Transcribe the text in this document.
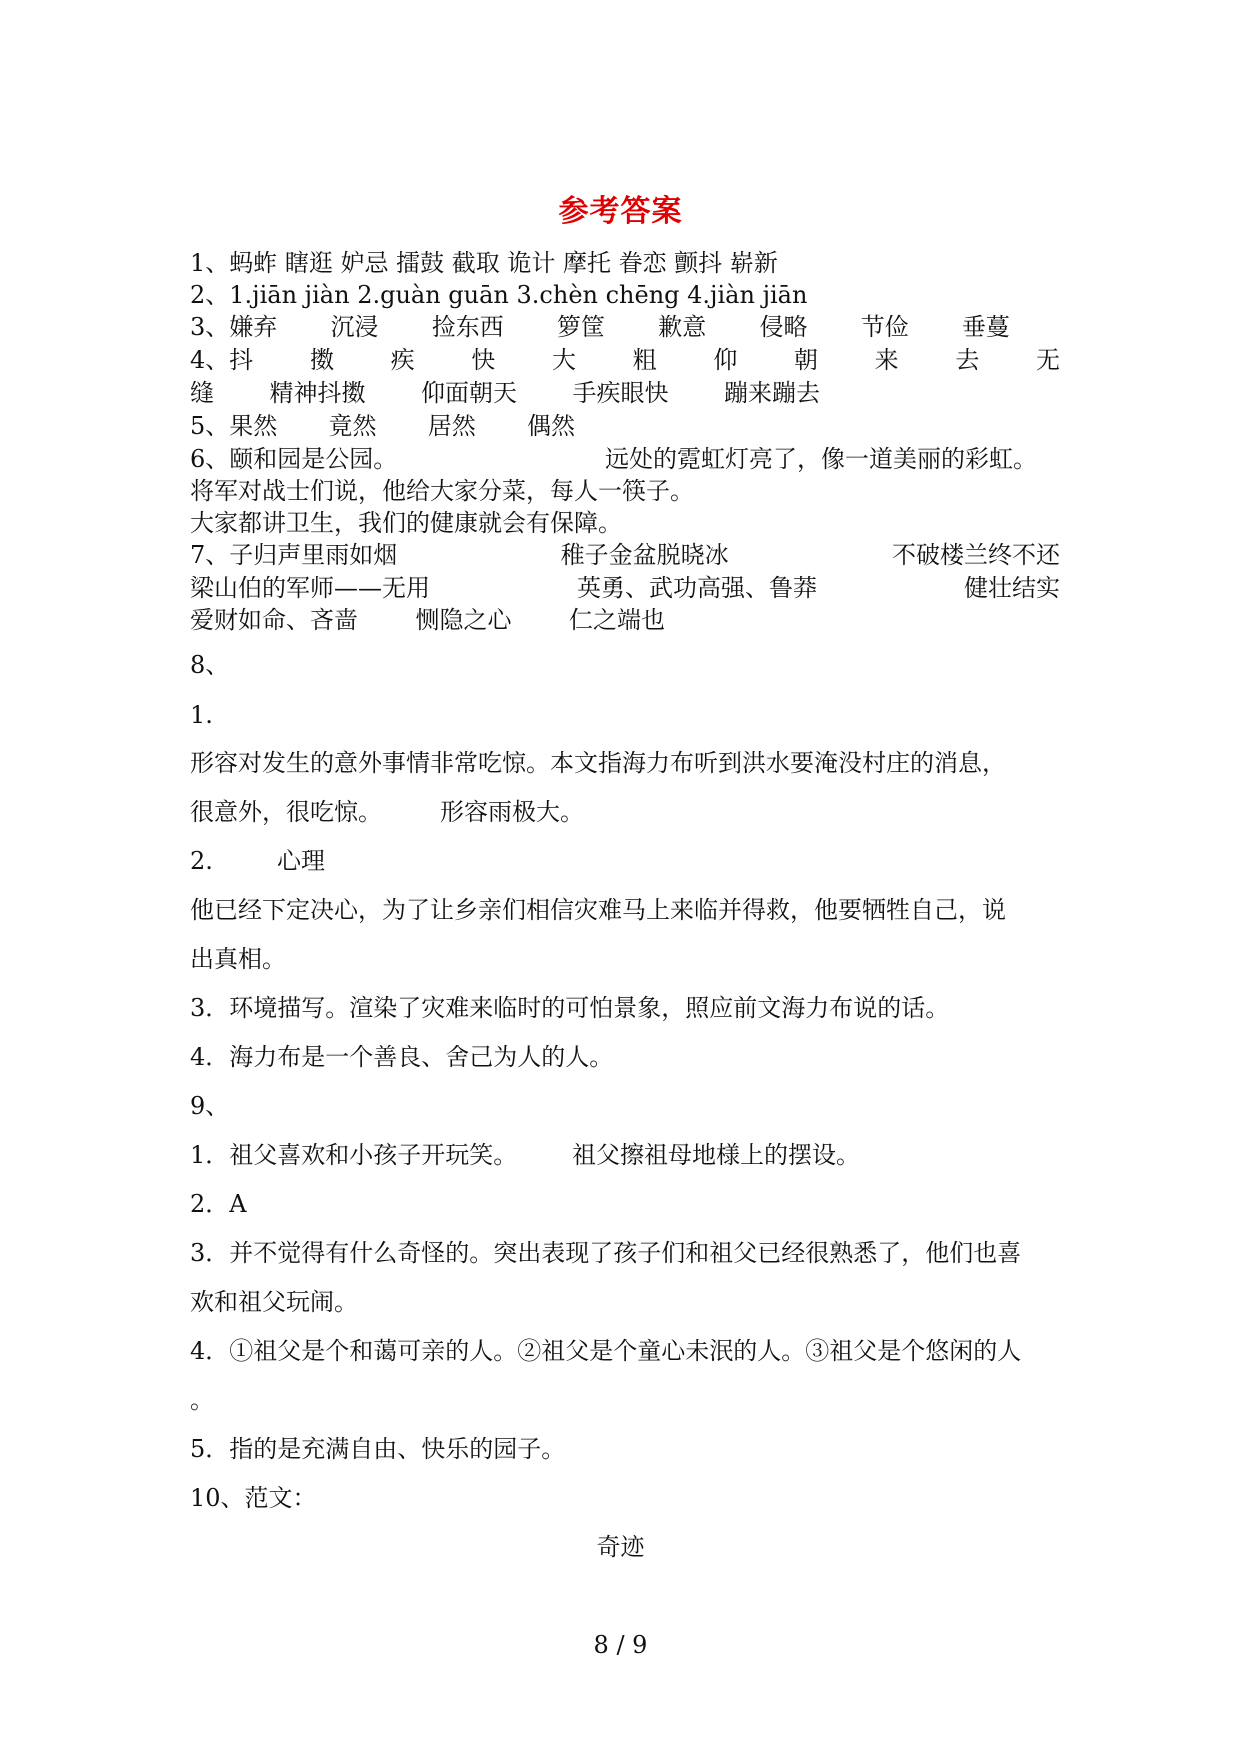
参考答案
1、蚂蚱 瞎逛 妒忌 擂鼓 截取 诡计 摩托 眷恋 颤抖 崭新
2、1.jiān jiàn 2.guàn guān 3.chèn chēng 4.jiàn jiān
3、嫌弃 沉浸 捡东西 箩筐 歉意 侵略 节俭 垂蔓
4、抖 擞 疾 快 大 粗 仰 朝 来 去 无
缝 精神抖擞 仰面朝天 手疾眼快 蹦来蹦去
5、果然 竟然 居然 偶然
6、颐和园是公园。	远处的霓虹灯亮了，像一道美丽的彩虹。
将军对战士们说，他给大家分菜，每人一筷子。
大家都讲卫生，我们的健康就会有保障。
7、子归声里雨如烟	稚子金盆脱晓冰	不破楼兰终不还
梁山伯的军师——无用	英勇、武功高强、鲁莽	健壮结实
爱财如命、吝啬 恻隐之心 仁之端也
8、
1.
形容对发生的意外事情非常吃惊。本文指海力布听到洪水要淹没村庄的消息，
很意外，很吃惊。 形容雨极大。
2.	心理
他已经下定决心，为了让乡亲们相信灾难马上来临并得救，他要牺牲自己，说
出真相。
3．环境描写。渲染了灾难来临时的可怕景象，照应前文海力布说的话。
4．海力布是一个善良、舍己为人的人。
9、
1．祖父喜欢和小孩子开玩笑。 祖父擦祖母地様上的摆设。
2．A
3．并不觉得有什么奇怪的。突出表现了孩子们和祖父已经很熟悉了，他们也喜
欢和祖父玩闹。
4．①祖父是个和蔼可亲的人。②祖父是个童心未泯的人。③祖父是个悠闲的人
。
5．指的是充满自由、快乐的园子。
10、范文：
奇迹
8 / 9
